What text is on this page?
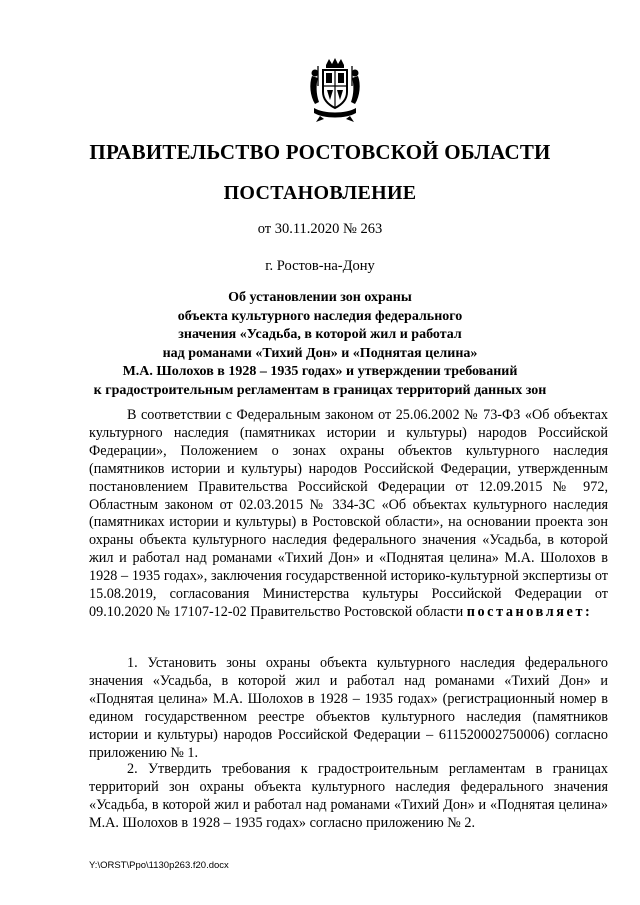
ПРАВИТЕЛЬСТВО РОСТОВСКОЙ ОБЛАСТИ
ПОСТАНОВЛЕНИЕ
от 30.11.2020 № 263
г. Ростов-на-Дону
Об установлении зон охраны
объекта культурного наследия федерального
значения «Усадьба, в которой жил и работал
над романами «Тихий Дон» и «Поднятая целина»
М.А. Шолохов в 1928 – 1935 годах» и утверждении требований
к градостроительным регламентам в границах территорий данных зон
В соответствии с Федеральным законом от 25.06.2002 № 73-ФЗ «Об объектах культурного наследия (памятниках истории и культуры) народов Российской Федерации», Положением о зонах охраны объектов культурного наследия (памятников истории и культуры) народов Российской Федерации, утвержденным постановлением Правительства Российской Федерации от 12.09.2015 № 972, Областным законом от 02.03.2015 № 334-ЗС «Об объектах культурного наследия (памятниках истории и культуры) в Ростовской области», на основании проекта зон охраны объекта культурного наследия федерального значения «Усадьба, в которой жил и работал над романами «Тихий Дон» и «Поднятая целина» М.А. Шолохов в 1928 – 1935 годах», заключения государственной историко-культурной экспертизы от 15.08.2019, согласования Министерства культуры Российской Федерации от 09.10.2020 № 17107-12-02 Правительство Ростовской области постановляет:
1. Установить зоны охраны объекта культурного наследия федерального значения «Усадьба, в которой жил и работал над романами «Тихий Дон» и «Поднятая целина» М.А. Шолохов в 1928 – 1935 годах» (регистрационный номер в едином государственном реестре объектов культурного наследия (памятников истории и культуры) народов Российской Федерации – 611520002750006) согласно приложению № 1.
2. Утвердить требования к градостроительным регламентам в границах территорий зон охраны объекта культурного наследия федерального значения «Усадьба, в которой жил и работал над романами «Тихий Дон» и «Поднятая целина» М.А. Шолохов в 1928 – 1935 годах» согласно приложению № 2.
Y:\ORST\Ppo\1130p263.f20.docx
